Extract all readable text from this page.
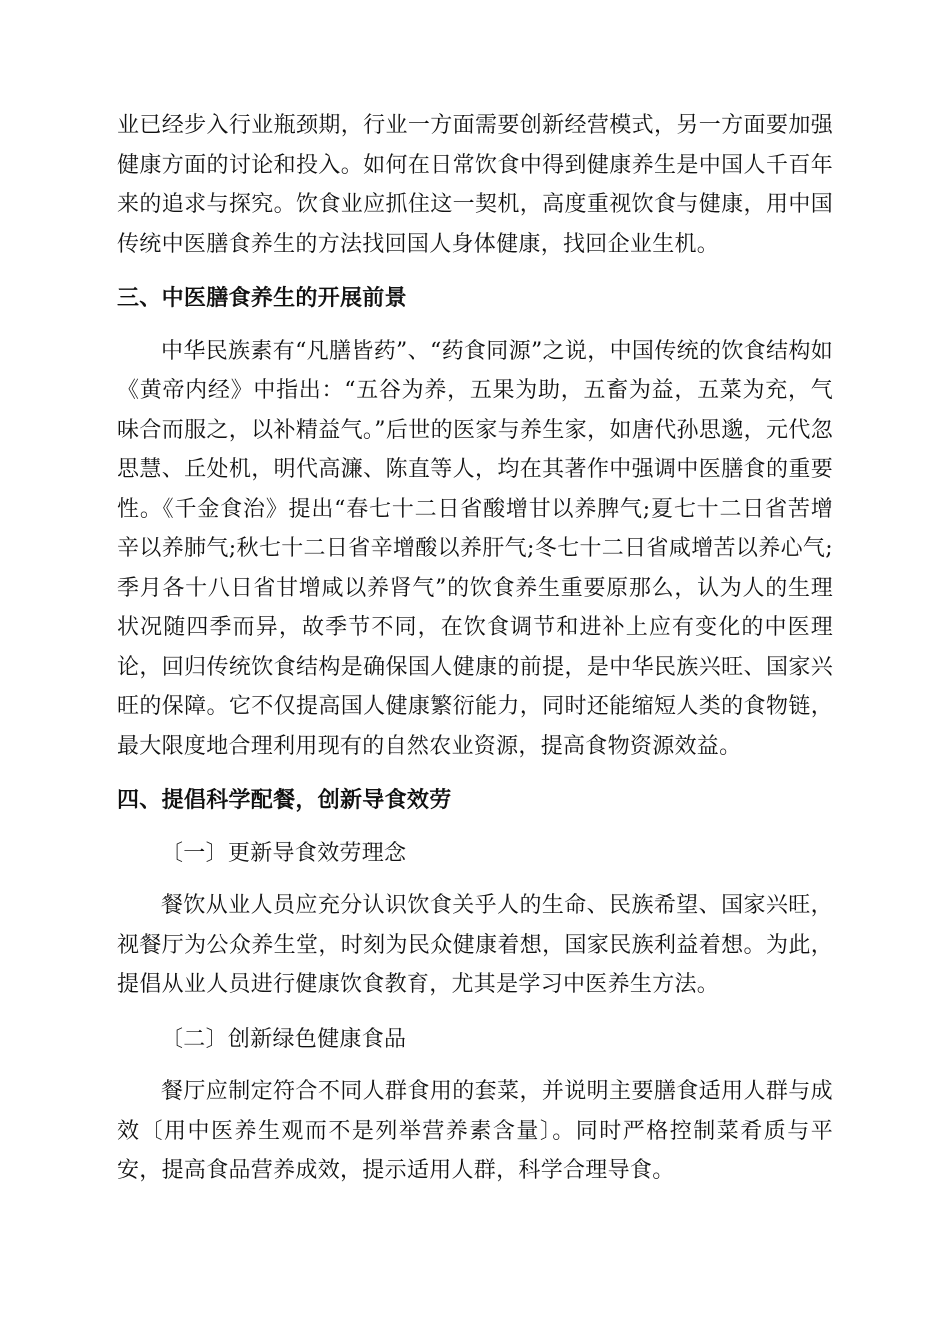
业已经步入行业瓶颈期，行业一方面需要创新经营模式，另一方面要加强健康方面的讨论和投入。如何在日常饮食中得到健康养生是中国人千百年来的追求与探究。饮食业应抓住这一契机，高度重视饮食与健康，用中国传统中医膳食养生的方法找回国人身体健康，找回企业生机。

三、中医膳食养生的开展前景

中华民族素有“凡膳皆药”、“药食同源”之说，中国传统的饮食结构如《黄帝内经》中指出：“五谷为养，五果为助，五畜为益，五菜为充，气味合而服之，以补精益气。”后世的医家与养生家，如唐代孙思邈，元代忽思慧、丘处机，明代高濂、陈直等人，均在其著作中强调中医膳食的重要性。《千金食治》提出“春七十二日省酸增甘以养脾气;夏七十二日省苦增辛以养肺气;秋七十二日省辛增酸以养肝气;冬七十二日省咸增苦以养心气;季月各十八日省甘增咸以养肾气”的饮食养生重要原那么，认为人的生理状况随四季而异，故季节不同，在饮食调节和进补上应有变化的中医理论，回归传统饮食结构是确保国人健康的前提，是中华民族兴旺、国家兴旺的保障。它不仅提高国人健康繁衍能力，同时还能缩短人类的食物链，最大限度地合理利用现有的自然农业资源，提高食物资源效益。

四、提倡科学配餐，创新导食效劳

〔一〕更新导食效劳理念

餐饮从业人员应充分认识饮食关乎人的生命、民族希望、国家兴旺，视餐厅为公众养生堂，时刻为民众健康着想，国家民族利益着想。为此，提倡从业人员进行健康饮食教育，尤其是学习中医养生方法。

〔二〕创新绿色健康食品

餐厅应制定符合不同人群食用的套菜，并说明主要膳食适用人群与成效〔用中医养生观而不是列举营养素含量〕。同时严格控制菜肴质与平安，提高食品营养成效，提示适用人群，科学合理导食。
